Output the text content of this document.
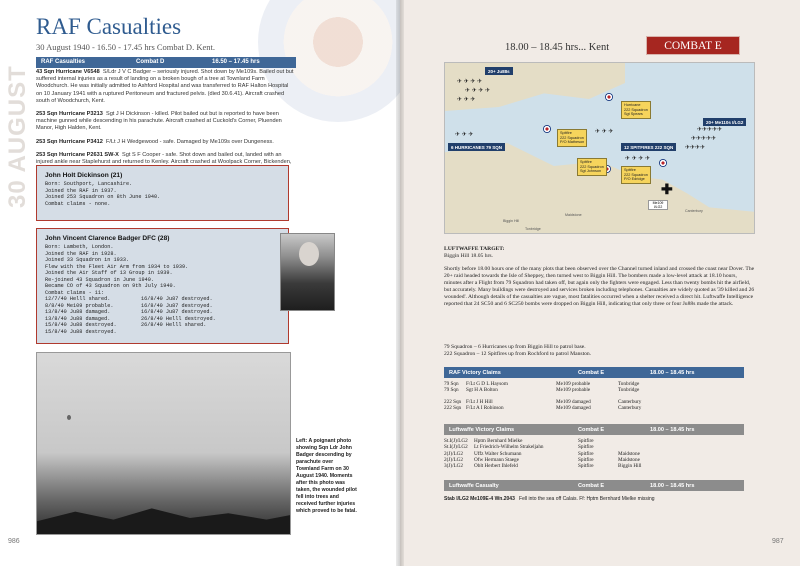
30 AUGUST
RAF Casualties
30 August 1940 - 16.50 - 17.45 hrs Combat D. Kent.
RAF Casualties	Combat D	16.50 – 17.45 hrs

43 Sqn Hurricane V6548 S/Ldr J V C Badger – seriously injured. Shot down by Me109s. Bailed out but suffered internal injuries as a result of landing on a broken bough of a tree at Townland Farm Woodchurch. He was initially admitted to Ashford Hospital and was transferred to RAF Halton Hospital on 10 January 1941 with a ruptured Peritoneum and fractured pelvis. (died 30.6.41). Aircraft crashed south of Woodchurch, Kent.

253 Sqn Hurricane P3213 Sgt J H Dickinson - killed. Pilot bailed out but is reported to have been machine gunned while descending in his parachute. Aircraft crashed at Cuckold's Corner, Pluenden Manor, High Halden, Kent.

253 Sqn Hurricane P3412 F/Lt J H Wedgewood - safe. Damaged by Me109s over Dungeness.

253 Sqn Hurricane P2631 SW-X Sgt S F Cooper - safe. Shot down and bailed out, landed with an injured ankle near Staplehurst and returned to Kenley. Aircraft crashed at Woolpack Corner, Bickenden,

John Holt Dickinson (21)
Born: Southport, Lancashire.
Joined the RAF in 1937.
Joined 253 Squadron on 8th June 1940.
Combat claims - none.
John Vincent Clarence Badger DFC (28)
Born: Lambeth, London.
Joined the RAF in 1928.
Joined 33 Squadron in 1933.
Flew with the Fleet Air Arm from 1934 to 1939.
Joined the Air Staff of 13 Group in 1939.
Re-joined 43 Squadron in June 1940.
Became CO of 43 Squadron on 9th July 1940.
Combat claims - 11:
12/7/40 Helll shared.	16/8/40 Ju87 destroyed.
8/8/40 Me109 probable.	16/8/40 Ju87 destroyed.
13/8/40 Ju88 damaged.	16/8/40 Ju87 destroyed.
13/8/40 Ju88 damaged.	26/8/40 Helll destroyed.
15/8/40 Ju88 destroyed.	26/8/40 Helll shared.
15/8/40 Ju88 destroyed.
Left: A poignant photo showing Sqn Ldr John Badger descending by parachute over Townland Farm on 30 August 1940. Moments after this photo was taken, the wounded pilot fell into trees and received further injuries which proved to be fatal.
986
18.00 – 18.45 hrs... Kent	COMBAT E
20+ Ju88s
20+ Me110s I/LG2
6 HURRICANES 79 SQN	12 SPITFIRES 222 SQN
✈ ✈ ✈ ✈
✈ ✈ ✈ ✈
✈ ✈ ✈
✈✈✈✈✈
✈✈✈✈✈
✈✈✈✈
✈ ✈ ✈
✈ ✈ ✈ ✈
✈ ✈ ✈
Hurricane
222 Squadron
Sgt Spears
Spitfire
222 Squadron
P/O Matheson
Spitfire
222 Squadron
Sgt Johnson	Spitfire
222 Squadron
P/O Edridge
✚
Me109
I/LG2
Biggin Hill
Maidstone
Tonbridge
Canterbury
LUFTWAFFE TARGET:
Biggin Hill 18.05 hrs.
Shortly before 18.00 hours one of the many plots that been observed over the Channel turned inland and crossed the coast near Dover. The 20+ raid headed towards the Isle of Sheppey, then turned west to Biggin Hill. The bombers made a low-level attack at 18.10 hours, minutes after a Flight from 79 Squadron had taken off, but again only the fighters were engaged. Less than twenty bombs hit the airfield, but accurately. Many buildings were destroyed and services broken including telephones. Casualties are widely quoted as '39 killed and 26 wounded'. Although details of the casualties are vague, most fatalities occurred when a shelter received a direct hit. Luftwaffe Intelligence reported that 24 SC50 and 6 SC250 bombs were dropped on Biggin Hill, indicating that only three or four Ju88s made the attack.
79 Squadron – 6 Hurricanes up from Biggin Hill to patrol base.
222 Squadron – 12 Spitfires up from Rochford to patrol Manston.
RAF Victory Claims	Combat E	18.00 – 18.45 hrs
79 Sqn	F/Lt G D L Haysom	Me109 probable	Tonbridge
79 Sqn	Sgt H A Bolton	Me109 probable	Tonbridge
222 Sqn F/Lt J H Hill	Me109 damaged	Canterbury
222 Sqn F/Lt A I Robinson	Me109 damaged	Canterbury
Luftwaffe Victory Claims	Combat E	18.00 – 18.45 hrs
St.I(J)/LG2	Hptm Bernhard Mielke	Spitfire
St.I(J)/LG2	Lt Friedrich-Wilhelm Strakeljahn	Spitfire
2(J)/LG2	Uffz Walter Schumann	Spitfire	Maidstone
2(J)/LG2	Ofw Hermann Staege	Spitfire	Maidstone
3(J)/LG2	Oblt Herbert Ihlefeld	Spitfire	Biggin Hill
Luftwaffe Casualty	Combat E	18.00 – 18.45 hrs
Stab I/LG2 Me109E-4 Wn.2043 Fell into the sea off Calais. Ff: Hptm Bernhard Mielke missing
987
